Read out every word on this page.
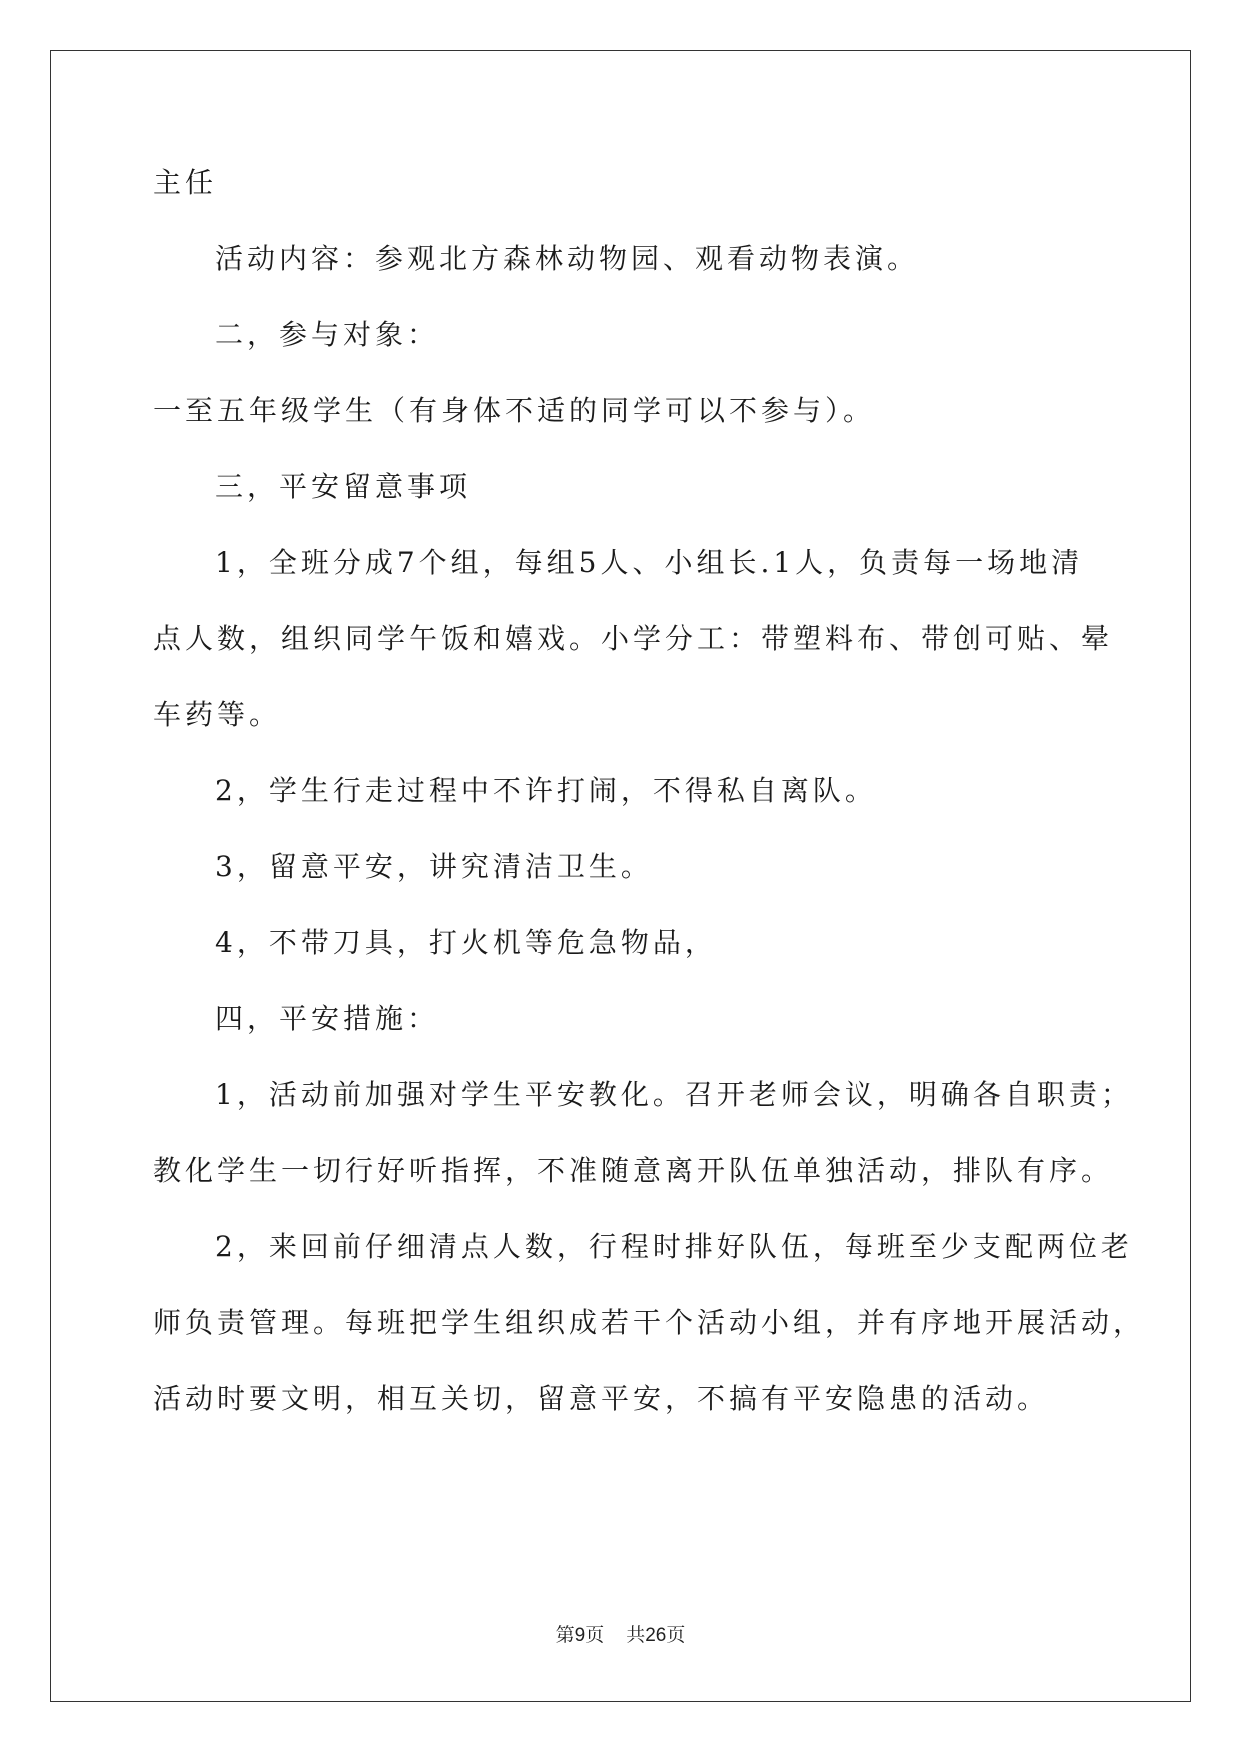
主任
活动内容：参观北方森林动物园、观看动物表演。
二，参与对象：
一至五年级学生（有身体不适的同学可以不参与）。
三，平安留意事项
1，全班分成7个组，每组5人、小组长.1人，负责每一场地清
点人数，组织同学午饭和嬉戏。小学分工：带塑料布、带创可贴、晕
车药等。
2，学生行走过程中不许打闹，不得私自离队。
3，留意平安，讲究清洁卫生。
4，不带刀具，打火机等危急物品，
四，平安措施：
1，活动前加强对学生平安教化。召开老师会议，明确各自职责；
教化学生一切行好听指挥，不准随意离开队伍单独活动，排队有序。
2，来回前仔细清点人数，行程时排好队伍，每班至少支配两位老
师负责管理。每班把学生组织成若干个活动小组，并有序地开展活动，
活动时要文明，相互关切，留意平安，不搞有平安隐患的活动。
第9页 共26页
